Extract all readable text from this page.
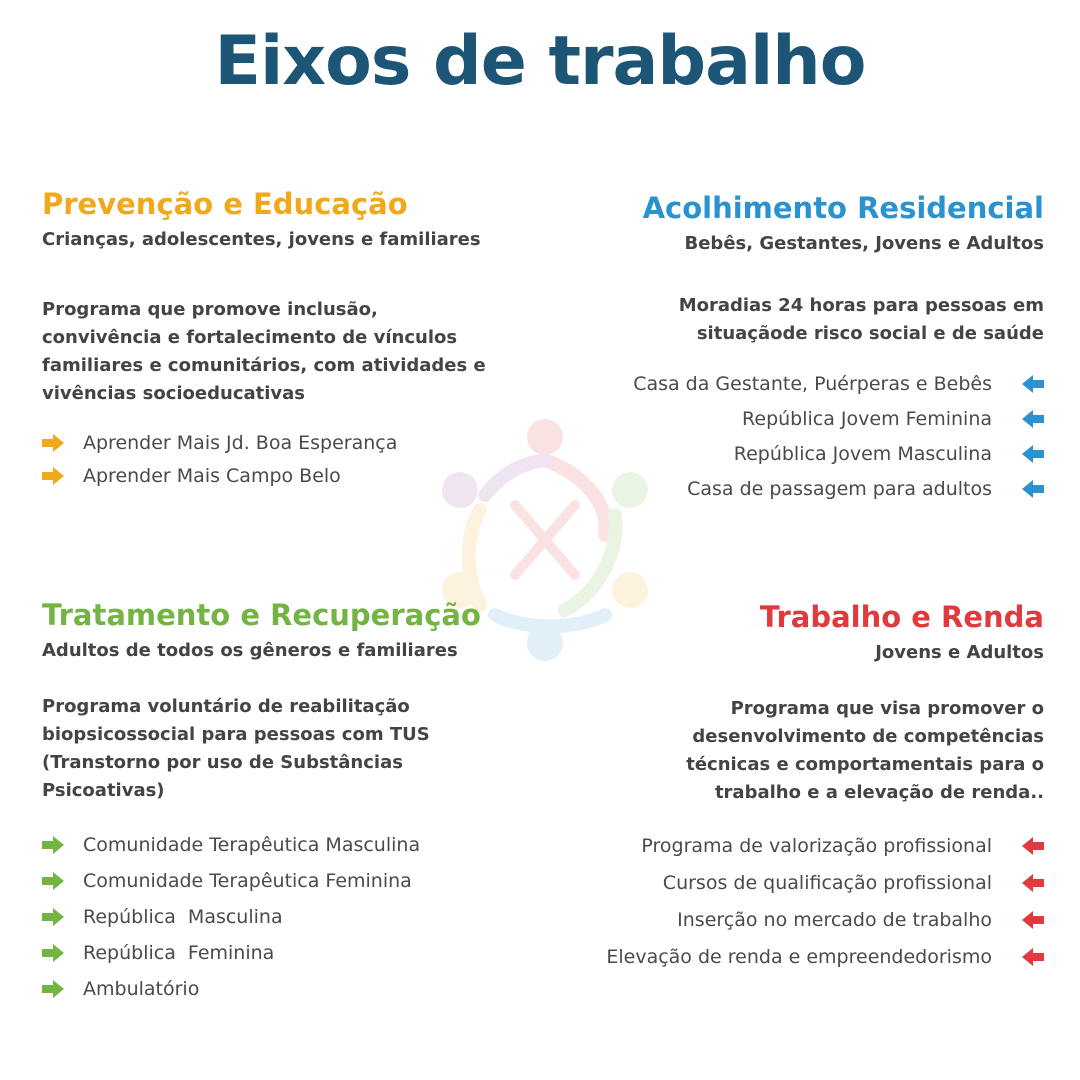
Eixos de trabalho
Prevenção e Educação
Crianças, adolescentes, jovens e familiares
Programa que promove inclusão, convivência e fortalecimento de vínculos familiares e comunitários, com atividades e vivências socioeducativas
Aprender Mais Jd. Boa Esperança
Aprender Mais Campo Belo
Acolhimento Residencial
Bebês, Gestantes, Jovens e Adultos
Moradias 24 horas para pessoas em situaçãode risco social e de saúde
Casa da Gestante, Puérperas e Bebês
República Jovem Feminina
República Jovem Masculina
Casa de passagem para adultos
Tratamento e Recuperação
Adultos de todos os gêneros e familiares
Programa voluntário de reabilitação biopsicossocial para pessoas com TUS (Transtorno por uso de Substâncias Psicoativas)
Comunidade Terapêutica Masculina
Comunidade Terapêutica Feminina
República  Masculina
República  Feminina
Ambulatório
Trabalho e Renda
Jovens e Adultos
Programa que visa promover o desenvolvimento de competências técnicas e comportamentais para o trabalho e a elevação de renda..
Programa de valorização profissional
Cursos de qualificação profissional
Inserção no mercado de trabalho
Elevação de renda e empreendedorismo
